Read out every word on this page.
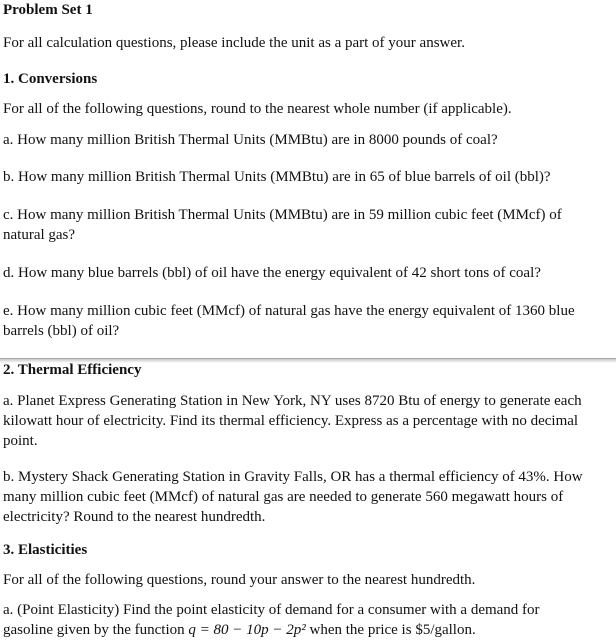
Problem Set 1
For all calculation questions, please include the unit as a part of your answer.
1. Conversions
For all of the following questions, round to the nearest whole number (if applicable).
a. How many million British Thermal Units (MMBtu) are in 8000 pounds of coal?
b. How many million British Thermal Units (MMBtu) are in 65 of blue barrels of oil (bbl)?
c. How many million British Thermal Units (MMBtu) are in 59 million cubic feet (MMcf) of
natural gas?
d. How many blue barrels (bbl) of oil have the energy equivalent of 42 short tons of coal?
e. How many million cubic feet (MMcf) of natural gas have the energy equivalent of 1360 blue
barrels (bbl) of oil?
2. Thermal Efficiency
a. Planet Express Generating Station in New York, NY uses 8720 Btu of energy to generate each
kilowatt hour of electricity. Find its thermal efficiency. Express as a percentage with no decimal
point.
b. Mystery Shack Generating Station in Gravity Falls, OR has a thermal efficiency of 43%. How
many million cubic feet (MMcf) of natural gas are needed to generate 560 megawatt hours of
electricity? Round to the nearest hundredth.
3. Elasticities
For all of the following questions, round your answer to the nearest hundredth.
a. (Point Elasticity) Find the point elasticity of demand for a consumer with a demand for
gasoline given by the function q = 80 − 10p − 2p² when the price is $5/gallon.
